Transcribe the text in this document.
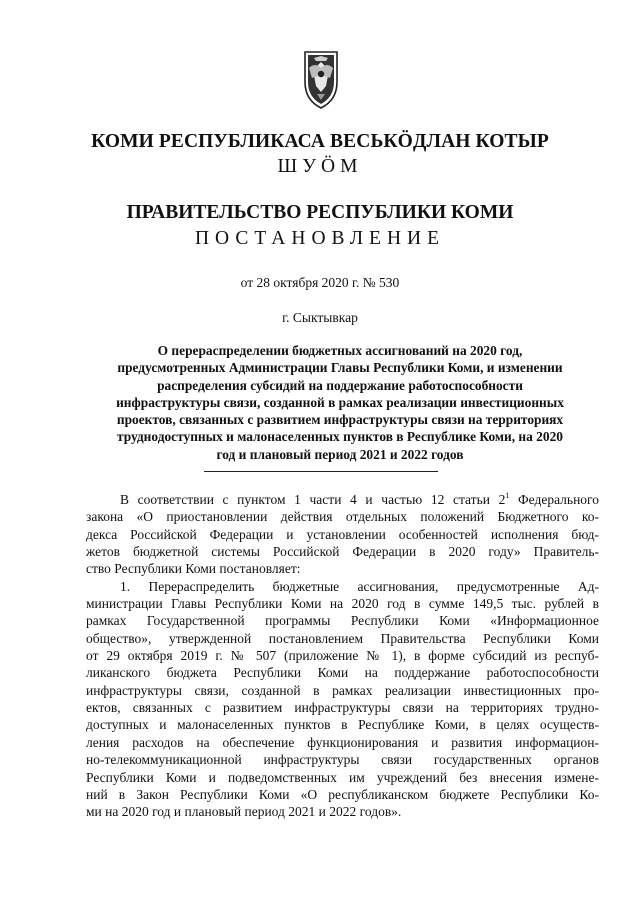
КОМИ РЕСПУБЛИКАСА ВЕСЬКӦДЛАН КОТЫР
ШУÖМ
ПРАВИТЕЛЬСТВО РЕСПУБЛИКИ КОМИ
ПОСТАНОВЛЕНИЕ
от 28 октября 2020 г. № 530
г. Сыктывкар
О перераспределении бюджетных ассигнований на 2020 год,
предусмотренных Администрации Главы Республики Коми, и изменении
распределения субсидий на поддержание работоспособности
инфраструктуры связи, созданной в рамках реализации инвестиционных
проектов, связанных с развитием инфраструктуры связи на территориях
труднодоступных и малонаселенных пунктов в Республике Коми, на 2020
год и плановый период 2021 и 2022 годов
В соответствии с пунктом 1 части 4 и частью 12 статьи $2^1$ Федерального
закона «О приостановлении действия отдельных положений Бюджетного ко-
декса Российской Федерации и установлении особенностей исполнения бюд-
жетов бюджетной системы Российской Федерации в 2020 году» Правитель-
ство Республики Коми постановляет:
1. Перераспределить бюджетные ассигнования, предусмотренные Ад-
министрации Главы Республики Коми на 2020 год в сумме 149,5 тыс. рублей в
рамках Государственной программы Республики Коми «Информационное
общество», утвержденной постановлением Правительства Республики Коми
от 29 октября 2019 г. № 507 (приложение № 1), в форме субсидий из респуб-
ликанского бюджета Республики Коми на поддержание работоспособности
инфраструктуры связи, созданной в рамках реализации инвестиционных про-
ектов, связанных с развитием инфраструктуры связи на территориях трудно-
доступных и малонаселенных пунктов в Республике Коми, в целях осуществ-
ления расходов на обеспечение функционирования и развития информацион-
но-телекоммуникационной инфраструктуры связи государственных органов
Республики Коми и подведомственных им учреждений без внесения измене-
ний в Закон Республики Коми «О республиканском бюджете Республики Ко-
ми на 2020 год и плановый период 2021 и 2022 годов».
